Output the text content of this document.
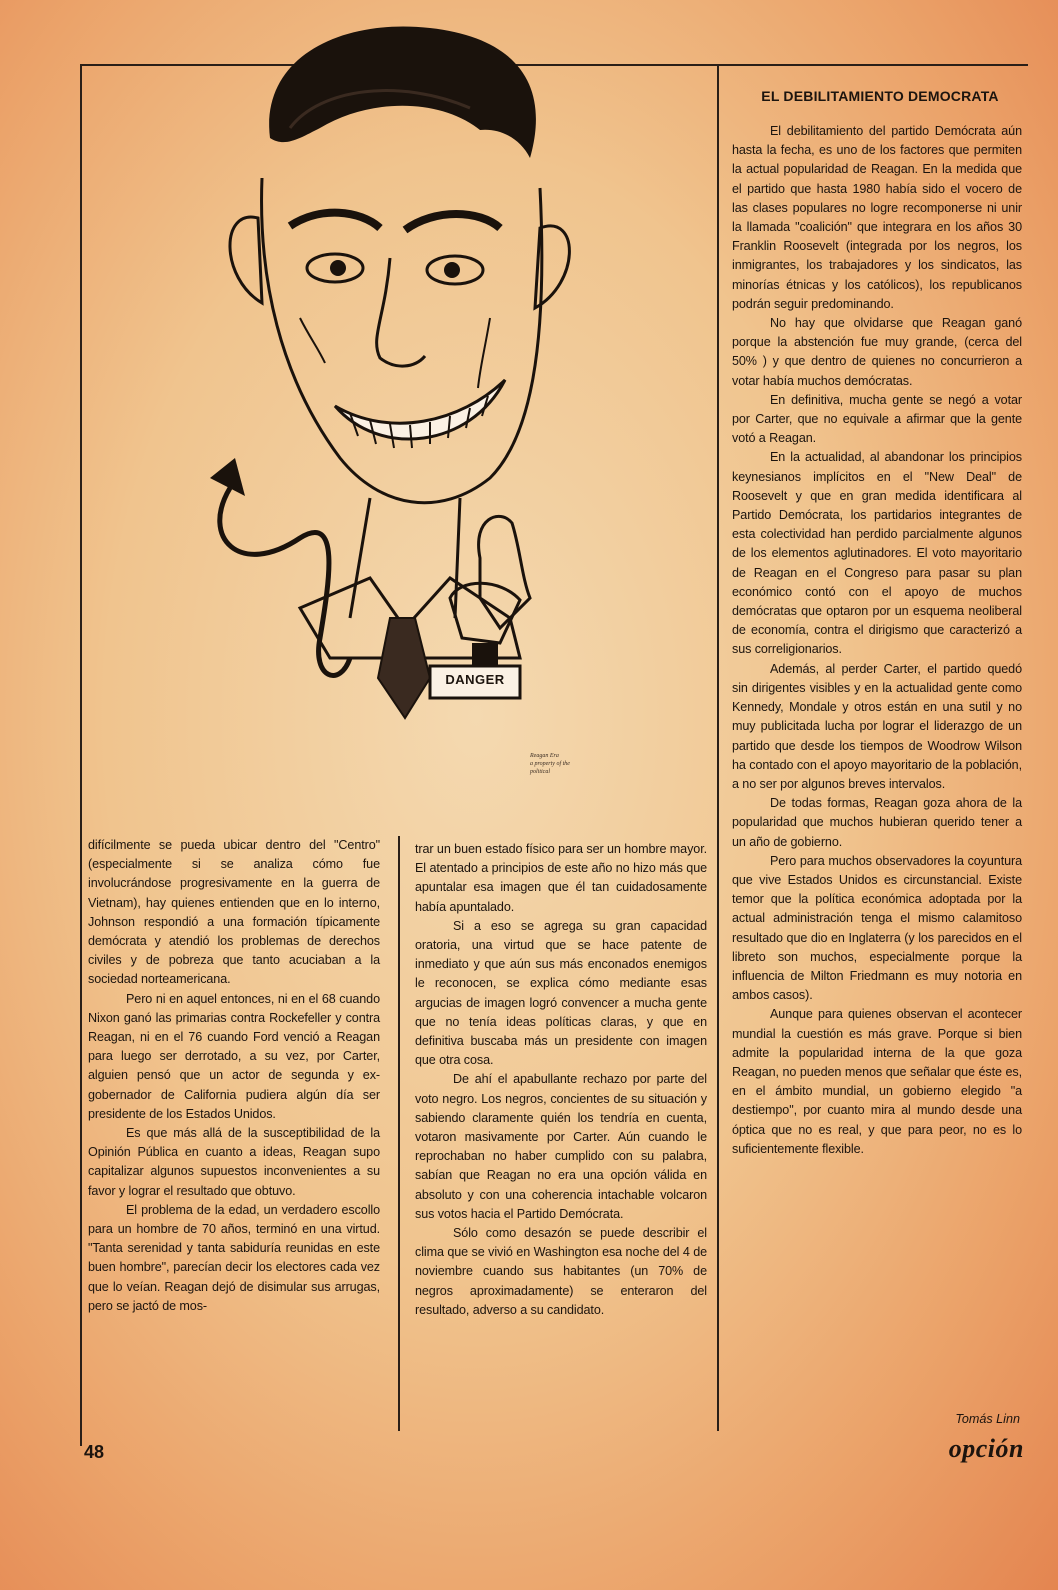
DANGER
Reagan Era
a property of the
political
EL DEBILITAMIENTO DEMOCRATA

difícilmente se pueda ubicar dentro del "Centro" (especialmente si se analiza cómo fue involucrándose progresivamente en la guerra de Vietnam), hay quienes entienden que en lo interno, Johnson respondió a una formación típicamente demócrata y atendió los problemas de derechos civiles y de pobreza que tanto acuciaban a la sociedad norteamericana.

Pero ni en aquel entonces, ni en el 68 cuando Nixon ganó las primarias contra Rockefeller y contra Reagan, ni en el 76 cuando Ford venció a Reagan para luego ser derrotado, a su vez, por Carter, alguien pensó que un actor de segunda y ex-gobernador de California pudiera algún día ser presidente de los Estados Unidos.

Es que más allá de la susceptibilidad de la Opinión Pública en cuanto a ideas, Reagan supo capitalizar algunos supuestos inconvenientes a su favor y lograr el resultado que obtuvo.

El problema de la edad, un verdadero escollo para un hombre de 70 años, terminó en una virtud. "Tanta serenidad y tanta sabiduría reunidas en este buen hombre", parecían decir los electores cada vez que lo veían. Reagan dejó de disimular sus arrugas, pero se jactó de mos-

trar un buen estado físico para ser un hombre mayor. El atentado a principios de este año no hizo más que apuntalar esa imagen que él tan cuidadosamente había apuntalado.

Si a eso se agrega su gran capacidad oratoria, una virtud que se hace patente de inmediato y que aún sus más enconados enemigos le reconocen, se explica cómo mediante esas argucias de imagen logró convencer a mucha gente que no tenía ideas políticas claras, y que en definitiva buscaba más un presidente con imagen que otra cosa.

De ahí el apabullante rechazo por parte del voto negro. Los negros, concientes de su situación y sabiendo claramente quién los tendría en cuenta, votaron masivamente por Carter. Aún cuando le reprochaban no haber cumplido con su palabra, sabían que Reagan no era una opción válida en absoluto y con una coherencia intachable volcaron sus votos hacia el Partido Demócrata.

Sólo como desazón se puede describir el clima que se vivió en Washington esa noche del 4 de noviembre cuando sus habitantes (un 70% de negros aproximadamente) se enteraron del resultado, adverso a su candidato.

El debilitamiento del partido Demócrata aún hasta la fecha, es uno de los factores que permiten la actual popularidad de Reagan. En la medida que el partido que hasta 1980 había sido el vocero de las clases populares no logre recomponerse ni unir la llamada "coalición" que integrara en los años 30 Franklin Roosevelt (integrada por los negros, los inmigrantes, los trabajadores y los sindicatos, las minorías étnicas y los católicos), los republicanos podrán seguir predominando.

No hay que olvidarse que Reagan ganó porque la abstención fue muy grande, (cerca del 50% ) y que dentro de quienes no concurrieron a votar había muchos demócratas.

En definitiva, mucha gente se negó a votar por Carter, que no equivale a afirmar que la gente votó a Reagan.

En la actualidad, al abandonar los principios keynesianos implícitos en el "New Deal" de Roosevelt y que en gran medida identificara al Partido Demócrata, los partidarios integrantes de esta colectividad han perdido parcialmente algunos de los elementos aglutinadores. El voto mayoritario de Reagan en el Congreso para pasar su plan económico contó con el apoyo de muchos demócratas que optaron por un esquema neoliberal de economía, contra el dirigismo que caracterizó a sus correligionarios.

Además, al perder Carter, el partido quedó sin dirigentes visibles y en la actualidad gente como Kennedy, Mondale y otros están en una sutil y no muy publicitada lucha por lograr el liderazgo de un partido que desde los tiempos de Woodrow Wilson ha contado con el apoyo mayoritario de la población, a no ser por algunos breves intervalos.

De todas formas, Reagan goza ahora de la popularidad que muchos hubieran querido tener a un año de gobierno.

Pero para muchos observadores la coyuntura que vive Estados Unidos es circunstancial. Existe temor que la política económica adoptada por la actual administración tenga el mismo calamitoso resultado que dio en Inglaterra (y los parecidos en el libreto son muchos, especialmente porque la influencia de Milton Friedmann es muy notoria en ambos casos).

Aunque para quienes observan el acontecer mundial la cuestión es más grave. Porque si bien admite la popularidad interna de la que goza Reagan, no pueden menos que señalar que éste es, en el ámbito mundial, un gobierno elegido "a destiempo", por cuanto mira al mundo desde una óptica que no es real, y que para peor, no es lo suficientemente flexible.

Tomás Linn
48	opción
